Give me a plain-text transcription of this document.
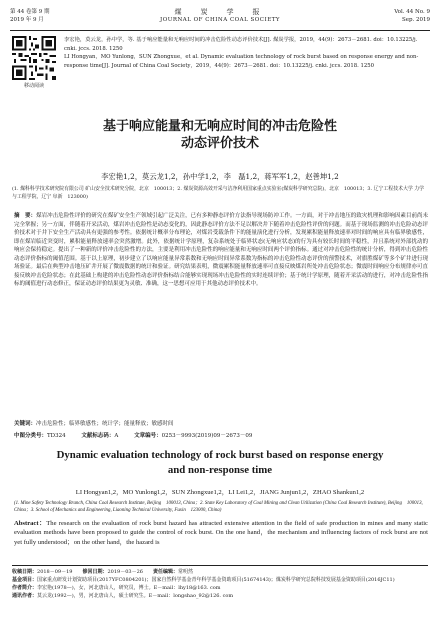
第 44 卷第 9 期
2019 年 9 月
煤　炭　学　报
JOURNAL OF CHINA COAL SOCIETY
Vol. 44 No. 9
Sep. 2019
移动阅读
李宏艳，莫云龙，孙中学，等. 基于响应能量和无响应时间的冲击危险性动态评价技术[J]. 煤炭学报，2019，44(9)：2673－2681. doi：10.13225/j. cnki. jccs. 2018. 1250
LI Hongyan，MO Yunlong，SUN Zhongxue，et al. Dynamic evaluation technology of rock burst based on response energy and non-response time[J]. Journal of China Coal Society，2019，44(9)：2673－2681. doi：10.13225/j. cnki. jccs. 2018. 1250
基于响应能量和无响应时间的冲击危险性
动态评价技术
李宏艳1,2，莫云龙1,2，孙中学1,2，李　磊1,2，蒋军军1,2，赵善坤1,2
(1. 煤科科学技术研究院有限公司 矿山安全技术研究分院，北京　100013；2. 煤炭资源高效开采与洁净利用国家重点实验室(煤炭科学研究总院)，北京　100013；3. 辽宁工程技术大学 力学与工程学院，辽宁 阜新　123000)
摘　要：煤岩冲击危险性评价的研究在煤矿安全生产领域引起广泛关注，已有多种静态评价方法指导现场防冲工作。一方面，对于冲击地压的致灾机理和影响因素目前尚未完全掌握；另一方面，伴随着开采活动，煤岩冲击危险性是动态变化的，因此静态评价方法不足以解决井下随着冲击危险性评价的问题。而基于现场监测的冲击危险动态评价技术对于井下安全生产活动具有更强的参考性。依据统计概率分布理论，对煤岩受载条件下的能量演化进行分析，发现累积能量释放速率对时间的响应具有临界敏感性，即在煤岩临近突变时，累积能量释放速率会突然激增。此外，依据统计学原理，复杂系统处于临界状态(无响应状态)的行为具有较长时间的平稳性，并且系统对外部扰动的响应会保持稳定。提出了一种新的评价冲击危险性的方法，主要是利用冲击危险性的响应能量和无响应时间两个评价指标。通过对冲击危险性的统计分析，得到冲击危险性动态评价指标的阈值范围。基于以上原理，初步建立了以响应能量异常系数和无响应时间异常系数为指标的冲击危险性动态评价的预警技术，对旗胜煤矿等多个矿井进行现场验证。最后在典型冲击地压矿井开展了微震数据的统计和验证。研究结果表明，微震累积能量释放速率可直接反映煤岩所处冲击危险状态；微震时间响应分布规律亦可直接反映冲击危险状态；在此基础上构建的冲击危险性动态评价指标结合能够实现现场冲击危险性的实时连续评价；基于统计学原理，随着开采活动的进行，对冲击危险性指标的阈值进行动态修正，保证动态评价结果更为灵敏、准确，这一思想可应用于其他动态评价技术中。
关键词：冲击危险性；临界敏感性；统计学；能量释放；敏感时间
中图分类号：TD324	文献标志码：A	文章编号：0253－9993(2019)09－2673－09
Dynamic evaluation technology of rock burst based on response energy
and non-response time
LI Hongyan1,2，MO Yunlong1,2，SUN Zhongxue1,2，LI Lei1,2，JIANG Junjun1,2，ZHAO Shankun1,2
(1. Mine Safety Technology Branch, China Coal Research Institute, Beijing　100013, China；2. State Key Laboratory of Coal Mining and Clean Utilization (China Coal Research Institute), Beijing　100013, China；3. School of Mechanics and Engineering, Liaoning Technical University, Fuxin　123000, China)
Abstract：The research on the evaluation of rock burst hazard has attracted extensive attention in the field of safe production in mines and many static evaluation methods have been proposed to guide the control of rock burst. On the one hand，the mechanism and influencing factors of rock burst are not yet fully understood；on the other hand，the hazard is
收稿日期：2018－09－19　　 修回日期：2019－03－26　　 责任编辑：常明然
基金项目：国家重点研发计划资助项目(2017YFC0804201)；国家自然科学基金青年科学基金资助项目(51674143)；煤炭科学研究总院科技发展基金资助项目(2016JC11)
作者简介：李宏艳(1978—)，女，河北唐山人，研究员，博士。E－mail：lhy18@163. com
通讯作者：莫云龙(1992—)，男，河北唐山人，硕士研究生。E－mail：longshao_92@126. com
